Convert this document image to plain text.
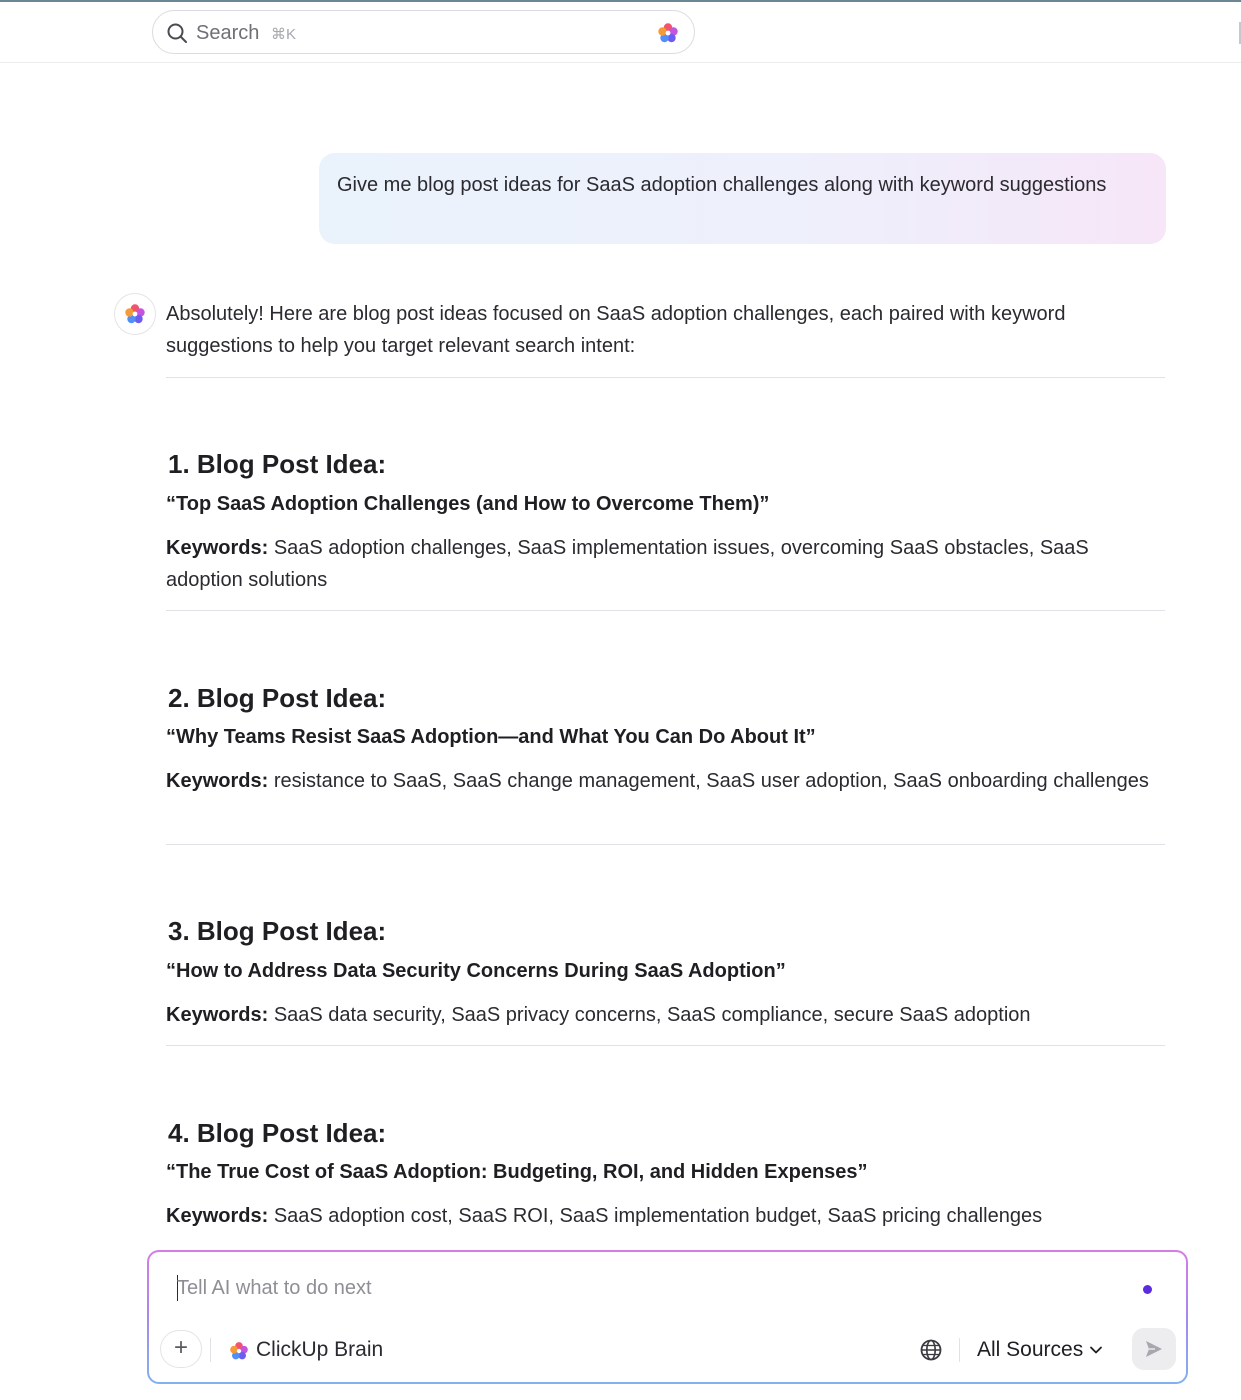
Search ⌘K
Give me blog post ideas for SaaS adoption challenges along with keyword suggestions
Absolutely! Here are blog post ideas focused on SaaS adoption challenges, each paired with keyword suggestions to help you target relevant search intent:
1. Blog Post Idea:
“Top SaaS Adoption Challenges (and How to Overcome Them)”
Keywords: SaaS adoption challenges, SaaS implementation issues, overcoming SaaS obstacles, SaaS adoption solutions
2. Blog Post Idea:
“Why Teams Resist SaaS Adoption—and What You Can Do About It”
Keywords: resistance to SaaS, SaaS change management, SaaS user adoption, SaaS onboarding challenges
3. Blog Post Idea:
“How to Address Data Security Concerns During SaaS Adoption”
Keywords: SaaS data security, SaaS privacy concerns, SaaS compliance, secure SaaS adoption
4. Blog Post Idea:
“The True Cost of SaaS Adoption: Budgeting, ROI, and Hidden Expenses”
Keywords: SaaS adoption cost, SaaS ROI, SaaS implementation budget, SaaS pricing challenges
Tell AI what to do next
+	ClickUp Brain	All Sources
